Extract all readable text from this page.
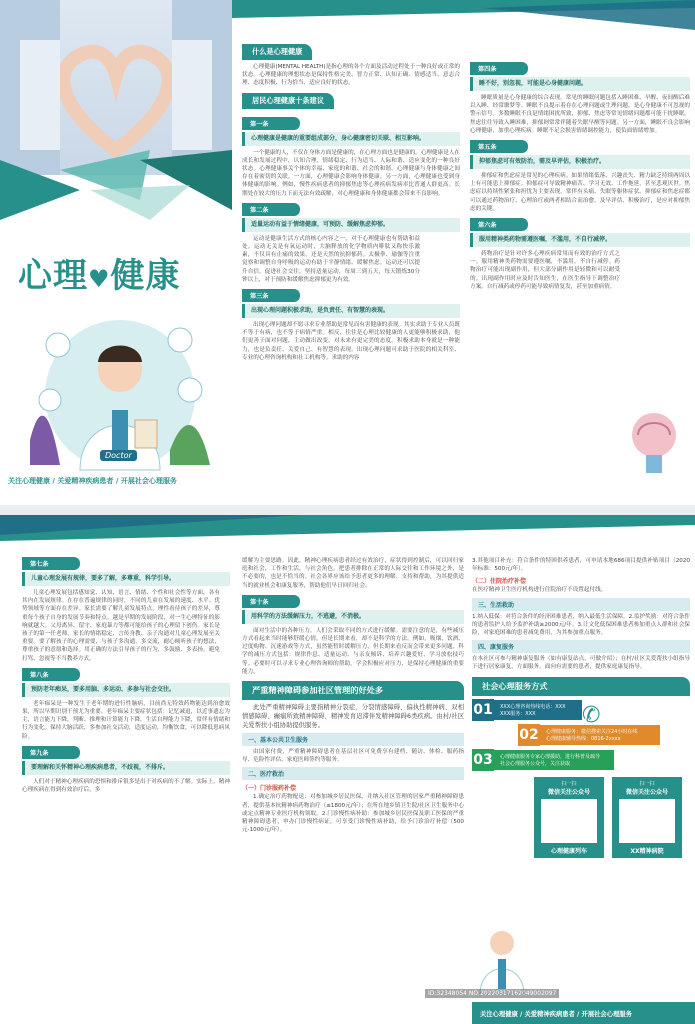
心理♥健康
Doctor
关注心理健康 / 关爱精神疾病患者 / 开展社会心理服务
什么是心理健康

心理健康(MENTAL HEALTH)是指心理的各个方面及活动过程处于一种良好或正常的状态。心理健康的理想状态是保持性格完美、智力正常、认知正确、情感适当、意志合理、态度积极、行为恰当、适应良好的状态。

居民心理健康十条建议
第一条
心理健康是健康的重要组成部分，身心健康密切关联、相互影响。

一个健康的人，不仅在身体方面是健康的，在心理方面也是健康的。心理健康是人在成长和发展过程中，认知合理、情绪稳定、行为适当、人际和谐、适应变化的一种良好状态。心理健康事关个体的幸福、家庭的和谐、社会的和谐。心理健康与身体健康之间存在着密切的关联。一方面，心理健康会影响身体健康。另一方面，心理健康也受到身体健康的影响。例如，慢性疾病患者的抑郁焦虑等心理疾病发病率比普通人群更高。长期处在较大的压力下而无法有效疏解，对心理健康和身体健康都会带来不良影响。

第二条
适量运动有益于情绪健康，可预防、缓解焦虑抑郁。

运动是健康生活方式的核心内容之一，对于心理健康也有帮助和益处。运动无关是有氧运动时，大脑释放的化学物质内啡肽又称快乐激素，不仅具有止痛的效果，还是天然的抗抑郁药。太极拳、瑜伽等注重觉察和调整自身呼吸的运动有助于平静情绪、缓解焦虑。运动还可以提升自信，促进社会交往。坚持适量运动，每周三到五天，每天锻炼30分钟以上，对于预防和缓解焦虑抑郁更为有效。

第三条
出现心理问题积极求助，是负责任、有智慧的表现。

出现心理问题却不愿寻求专业帮助是常见而有害健康的表现。其实求助于专业人员既不等于有病，也不等于病情严重。相反，往往是心理比较健康的人更能够积极求助，他们更善于面对问题，主动做出改变，对未来有更完美的态度。积极求助本身就是一种能力，也是负责任、关爱自己、有智慧的表现。出现心理问题可求助于医院的相关科室、专业的心理咨询机构和社工机构等。求助的内容

第四条
睡不好，别忽视，可能是心身健康问题。

睡眠质量是心身健康的综合表现。常见的睡眠问题包括入睡困难、早醒、夜间醒后难以入睡、经常噩梦等。睡眠不良提示着存在心理问题或生理问题，是心身健康不可忽视的警示信号。多数睡眠不良是情绪困扰所致，抑郁、焦虑等常见情绪问题都可能干扰睡眠。焦虑往往导致入睡困难，抑郁则常常伴随着失眠早醒等问题。另一方面，睡眠不良会影响心理健康，加重心理疾病。睡眠不足会损害情绪调控能力，使负面情绪增加。

第五条
抑郁焦虑可有效防治，需及早评估，积极治疗。

抑郁症和焦虑症是常见的心理疾病。如果情绪低落、兴趣丧失、精力缺乏持续两周以上有可能患上抑郁症。抑郁症可导致精神痛苦、学习无效、工作拖延，甚至悲观厌世。焦虑症以持续性紧张和担忧为主要表现，常伴有头痛、失眠等躯体症状。抑郁症和焦虑症都可以通过药物治疗、心理治疗或两者相结合而治愈，及早评估、积极治疗，是应对抑郁焦虑的关键。

第六条
服用精神类药物需遵医嘱，不滥用，不自行减停。

药物治疗是针对许多心理疾病常用而有效的治疗方式之一。服用精神类药物需要遵医嘱，不滥用，不自行减停。药物治疗可能出现副作用，但大部分副作用是轻微和可以耐受的。出现副作用时应及时告知医生，在医生指导下调整治疗方案。自行减药或停药可能导致病情复发，甚至加重病情。

第七条
儿童心理发展有规律，要多了解，多尊重，科学引导。

儿童心理发展包括感知觉、认知、语言、情绪、个性和社会性等方面，各有其内在发展规律。在存在普遍规律的同时，不同的儿童在发展的速度、水平、优势领域等方面存在差异。家长需要了解儿童发展特点，理性看待孩子的差异，尊重每个孩子自身的发展节奏和特点。越是早期的发展阶段，对一生心理特征的影响就越大。父母离异、留守、家庭暴力等都可能给孩子的心理留下创伤。家长是孩子的第一任老师，家长的情绪稳定、言传身教、亲子沟通对儿童心理发展至关重要。要了解孩子的心理需要，与孩子多沟通、多交流，耐心倾听孩子的想法，尊重孩子的意愿和选择。用正确的方法引导孩子的行为，多鼓励、多表扬，避免打骂、忽视等不当教养方式。

第八条
预防老年痴呆，要多用脑、多运动、多参与社会交往。

老年痴呆是一种发生于老年期的进行性脑病，目前尚无特效药物能达到治愈效果，所以早期识别干预尤为重要。老年痴呆主要症状包括：记忆减退，以近事遗忘为主，语言能力下降，判断、推理和计算能力下降，生活自理能力下降，常伴有情绪和行为变化。保持大脑活跃，多参加社交活动，适度运动，均衡饮食，可以降低患病风险。

第九条
要理解和关怀精神心理疾病患者，不歧视，不排斥。

人们对于精神心理疾病的恐惧和排斥很多是出于对疾病的不了解。实际上，精神心理疾病在得到有效治疗后，多

缓解为主要思路。因此，精神心理疾病患者经过有效治疗，症状得到控制后，可以回归家庭和社会，工作和生活，与社会角色。把患者排除在正常的人际交往和工作环境之外，是不必要的，也是不恰当的。社会各界应该给予患者更多的理解、支持和帮助，为其提供适当的就业机会和康复服务，帮助他们早日回归社会。

第十条
用科学的方法缓解压力，不逃避，不消极。

面对生活中的各种压力，人们会采取不同的方式进行缓解。需要注意的是，有些减压方式看起来当时能够舒缓心情，但是长期来看，却不是科学的方法。例如，吸烟、饮酒、过度购物、沉迷游戏等方式，虽然能暂时缓解压力，但长期来看反而会带来更多问题。科学的减压方式包括：规律作息、适量运动、与亲友倾诉、培养兴趣爱好、学习放松技巧等。必要时可以寻求专业心理咨询师的帮助。学会积极应对压力，是保持心理健康的重要能力。

严重精神障碍参加社区管理的好处多

此处严重精神障碍主要指精神分裂症、分裂情感障碍、偏执性精神病、双相情感障碍、癫痫所致精神障碍、精神发育迟滞伴发精神障碍6类疾病。由村/社区关爱帮扶小组协助提供服务。

一、基本公共卫生服务

由国家付费，严重精神障碍患者在基层社区可免费享有建档、随访、体检、服药指导、危险性评估、家庭医师签约等服务。

二、医疗救治
（一）门诊服药补偿

1.确定治疗药物配送：对参加城乡居民医保，并纳入社区管理的居家严重精神障碍患者，提供基本抗精神病药物治疗（≤1800元/年）；在所在地乡镇卫生院/社区卫生服务中心或定点精神专业医疗机构领取。2.门诊慢性病补助：参加城乡居民医保及职工医保的严重精神障碍患者，申办门诊慢性病证，可享受门诊慢性病补助，给予门诊治疗补偿（500元-1000元/年）。

3.其他项目补充：符合条件的特困供养患者，可申请本地686项目提供补贴项目（2020年标准：500元/年）。

（二）住院治疗补偿

在医疗精神卫生医疗机构进行住院治疗不设置起付线。

三、生活救助

1.纳入低保：对符合条件的经济困难患者，纳入最低生活保障。2.监护奖励：对符合条件的患者监护人给予监护补助≥2000元/年。3.让文化低保困难患者参加重点人群和社会保险，对家庭困难的患者减免费用，为其参加重点服务。

四、康复服务

在本社区可参与精神康复服务（如有康复站点，可做介绍）；在村/社区关爱帮扶小组指导下进行居家康复，方面服务。面向有需要的患者，提供家庭康复指导。

社会心理服务方式
01 XXX心理咨询热线电话：XXX
XXX服务：XXX
02 心理健康服务：微信搜索关注24小时在线
心理健康辅导热线：0816-2xxxx
03 心理健康服务专家心理援助，进行科普及疏导
社会心理服务公众号，关注获取
✆
扫一扫
微信关注公众号
心理健康列车
扫一扫
微信关注公众号
XX精神病院
关注心理健康 / 关爱精神疾病患者 / 开展社会心理服务
ID:32348054 NO:20220317162049002097
